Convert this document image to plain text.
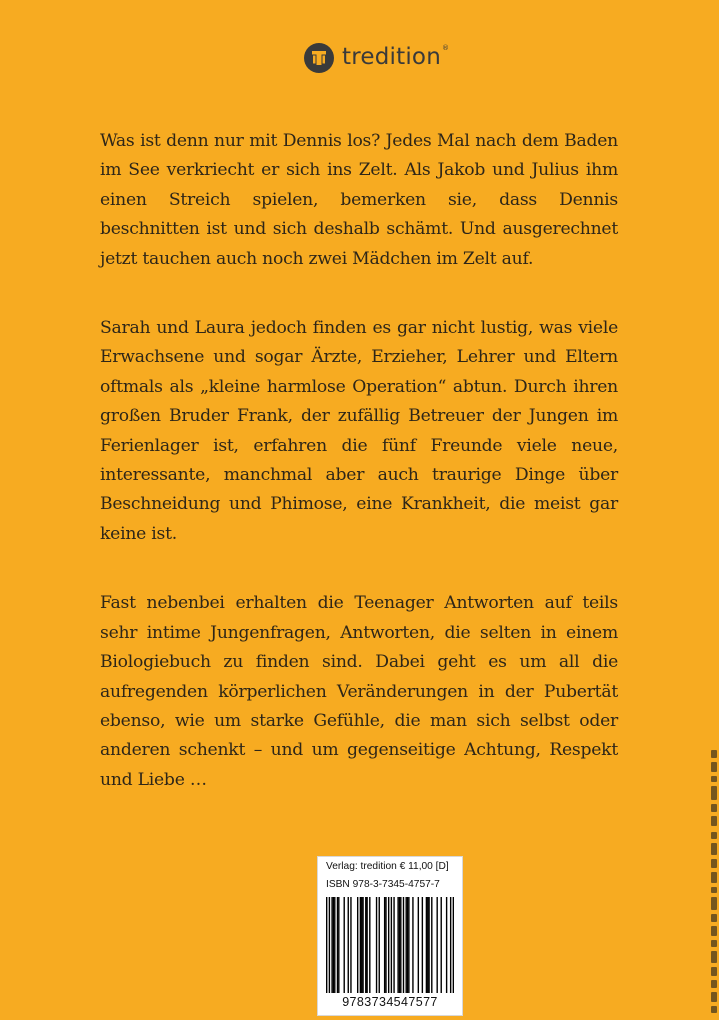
tredition ®

Was ist denn nur mit Dennis los? Jedes Mal nach dem Baden im See verkriecht er sich ins Zelt. Als Jakob und Julius ihm einen Streich spielen, bemerken sie, dass Dennis beschnitten ist und sich deshalb schämt. Und ausgerechnet jetzt tauchen auch noch zwei Mädchen im Zelt auf.

Sarah und Laura jedoch finden es gar nicht lustig, was viele Erwachsene und sogar Ärzte, Erzieher, Lehrer und Eltern oftmals als „kleine harmlose Operation“ abtun. Durch ihren großen Bruder Frank, der zufällig Betreuer der Jungen im Ferienlager ist, erfahren die fünf Freunde viele neue, interessante, manchmal aber auch traurige Dinge über Beschneidung und Phimose, eine Krankheit, die meist gar keine ist.

Fast nebenbei erhalten die Teenager Antworten auf teils sehr intime Jungenfragen, Antworten, die selten in einem Biologiebuch zu finden sind. Dabei geht es um all die aufregenden körperlichen Veränderungen in der Pubertät ebenso, wie um starke Gefühle, die man sich selbst oder anderen schenkt – und um gegenseitige Achtung, Respekt und Liebe …

Verlag: tredition € 11,00 [D]
ISBN 978-3-7345-4757-7
9783734547577
